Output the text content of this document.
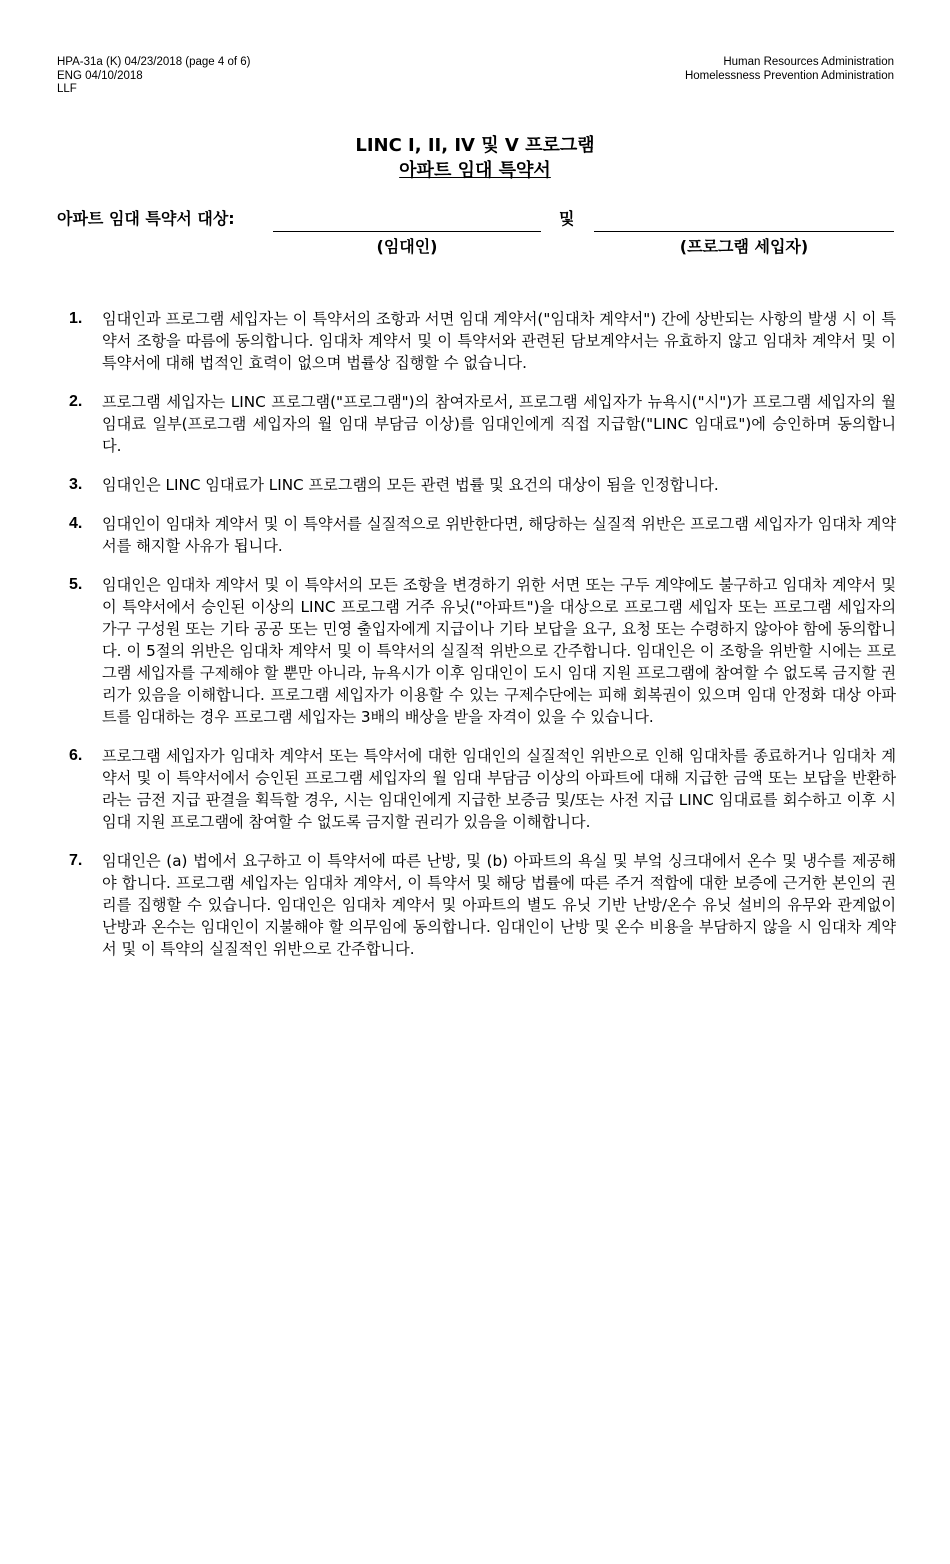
HPA-31a (K) 04/23/2018 (page 4 of 6)
ENG 04/10/2018
LLF
Human Resources Administration
Homelessness Prevention Administration
LINC I, II, IV 및 V 프로그램
아파트 임대 특약서
아파트 임대 특약서 대상:	및
(임대인)	(프로그램 세입자)
1. 임대인과 프로그램 세입자는 이 특약서의 조항과 서면 임대 계약서("임대차 계약서") 간에 상반되는 사항의 발생 시 이 특약서 조항을 따름에 동의합니다. 임대차 계약서 및 이 특약서와 관련된 담보계약서는 유효하지 않고 임대차 계약서 및 이 특약서에 대해 법적인 효력이 없으며 법률상 집행할 수 없습니다.
2. 프로그램 세입자는 LINC 프로그램("프로그램")의 참여자로서, 프로그램 세입자가 뉴욕시("시")가 프로그램 세입자의 월 임대료 일부(프로그램 세입자의 월 임대 부담금 이상)를 임대인에게 직접 지급함("LINC 임대료")에 승인하며 동의합니다.
3. 임대인은 LINC 임대료가 LINC 프로그램의 모든 관련 법률 및 요건의 대상이 됨을 인정합니다.
4. 임대인이 임대차 계약서 및 이 특약서를 실질적으로 위반한다면, 해당하는 실질적 위반은 프로그램 세입자가 임대차 계약서를 해지할 사유가 됩니다.
5. 임대인은 임대차 계약서 및 이 특약서의 모든 조항을 변경하기 위한 서면 또는 구두 계약에도 불구하고 임대차 계약서 및 이 특약서에서 승인된 이상의 LINC 프로그램 거주 유닛("아파트")을 대상으로 프로그램 세입자 또는 프로그램 세입자의 가구 구성원 또는 기타 공공 또는 민영 출입자에게 지급이나 기타 보답을 요구, 요청 또는 수령하지 않아야 함에 동의합니다. 이 5절의 위반은 임대차 계약서 및 이 특약서의 실질적 위반으로 간주합니다. 임대인은 이 조항을 위반할 시에는 프로그램 세입자를 구제해야 할 뿐만 아니라, 뉴욕시가 이후 임대인이 도시 임대 지원 프로그램에 참여할 수 없도록 금지할 권리가 있음을 이해합니다. 프로그램 세입자가 이용할 수 있는 구제수단에는 피해 회복권이 있으며 임대 안정화 대상 아파트를 임대하는 경우 프로그램 세입자는 3배의 배상을 받을 자격이 있을 수 있습니다.
6. 프로그램 세입자가 임대차 계약서 또는 특약서에 대한 임대인의 실질적인 위반으로 인해 임대차를 종료하거나 임대차 계약서 및 이 특약서에서 승인된 프로그램 세입자의 월 임대 부담금 이상의 아파트에 대해 지급한 금액 또는 보답을 반환하라는 금전 지급 판결을 획득할 경우, 시는 임대인에게 지급한 보증금 및/또는 사전 지급 LINC 임대료를 회수하고 이후 시 임대 지원 프로그램에 참여할 수 없도록 금지할 권리가 있음을 이해합니다.
7. 임대인은 (a) 법에서 요구하고 이 특약서에 따른 난방, 및 (b) 아파트의 욕실 및 부엌 싱크대에서 온수 및 냉수를 제공해야 합니다. 프로그램 세입자는 임대차 계약서, 이 특약서 및 해당 법률에 따른 주거 적합에 대한 보증에 근거한 본인의 권리를 집행할 수 있습니다. 임대인은 임대차 계약서 및 아파트의 별도 유닛 기반 난방/온수 유닛 설비의 유무와 관계없이 난방과 온수는 임대인이 지불해야 할 의무임에 동의합니다. 임대인이 난방 및 온수 비용을 부담하지 않을 시 임대차 계약서 및 이 특약의 실질적인 위반으로 간주합니다.
